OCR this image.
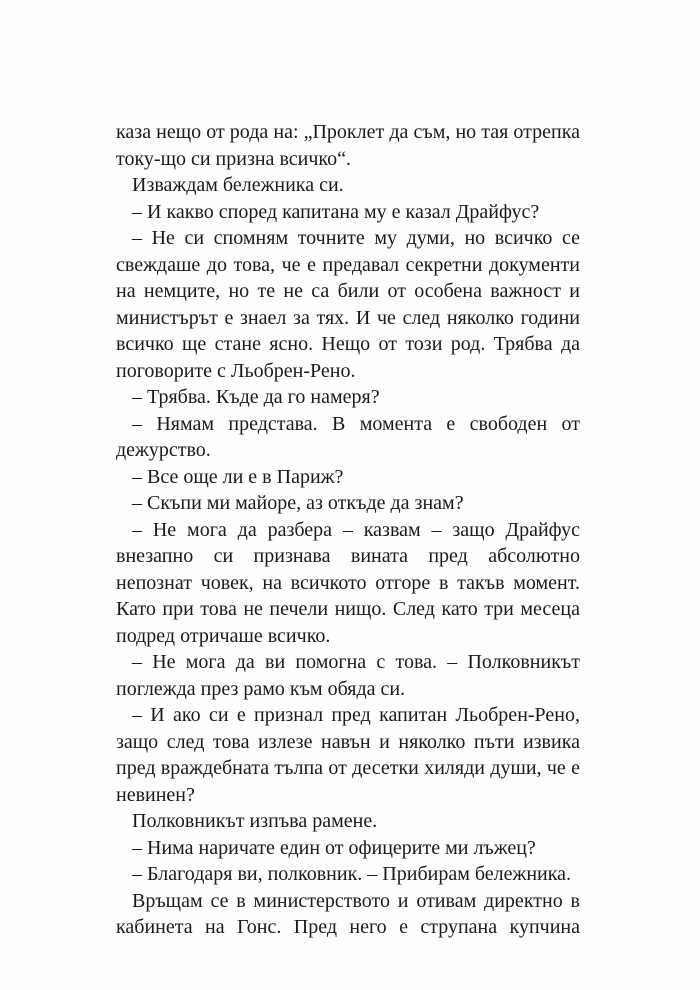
каза нещо от рода на: „Проклет да съм, но тая отрепка
току-що си призна всичко“.
Изваждам бележника си.
– И какво според капитана му е казал Драйфус?
– Не си спомням точните му думи, но всичко се
свеждаше до това, че е предавал секретни документи
на немците, но те не са били от особена важност и
министърът е знаел за тях. И че след няколко години
всичко ще стане ясно. Нещо от този род. Трябва да
поговорите с Льобрен-Рено.
– Трябва. Къде да го намеря?
– Нямам представа. В момента е свободен от
дежурство.
– Все още ли е в Париж?
– Скъпи ми майоре, аз откъде да знам?
– Не мога да разбера – казвам – защо Драйфус
внезапно си признава вината пред абсолютно
непознат човек, на всичкото отгоре в такъв момент.
Като при това не печели нищо. След като три месеца
подред отричаше всичко.
– Не мога да ви помогна с това. – Полковникът
поглежда през рамо към обяда си.
– И ако си е признал пред капитан Льобрен-Рено,
защо след това излезе навън и няколко пъти извика
пред враждебната тълпа от десетки хиляди души, че е
невинен?
Полковникът изпъва рамене.
– Нима наричате един от офицерите ми лъжец?
– Благодаря ви, полковник. – Прибирам бележника.
Връщам се в министерството и отивам директно в
кабинета на Гонс. Пред него е струпана купчина
